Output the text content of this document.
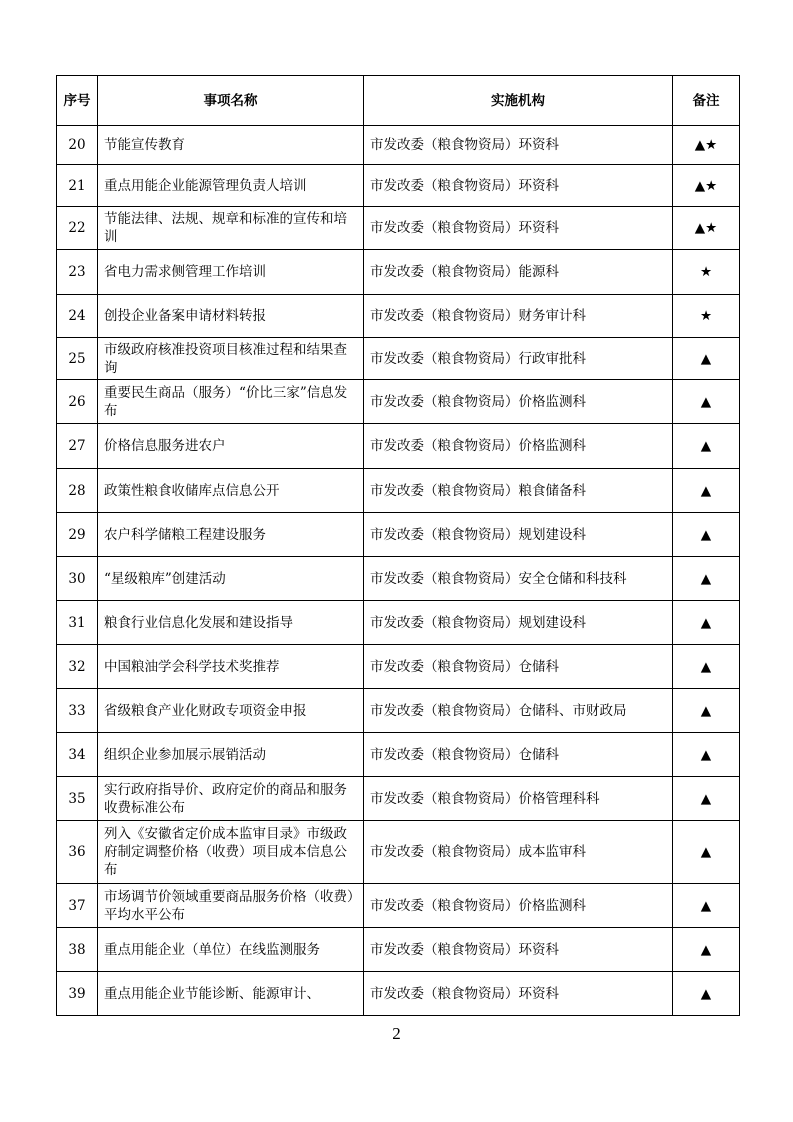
序号	事项名称	实施机构	备注
20	节能宣传教育	市发改委（粮食物资局）环资科	▲★
21	重点用能企业能源管理负责人培训	市发改委（粮食物资局）环资科	▲★
22	节能法律、法规、规章和标准的宣传和培训	市发改委（粮食物资局）环资科	▲★
23	省电力需求侧管理工作培训	市发改委（粮食物资局）能源科	★
24	创投企业备案申请材料转报	市发改委（粮食物资局）财务审计科	★
25	市级政府核准投资项目核准过程和结果查询	市发改委（粮食物资局）行政审批科	▲
26	重要民生商品（服务）“价比三家”信息发布	市发改委（粮食物资局）价格监测科	▲
27	价格信息服务进农户	市发改委（粮食物资局）价格监测科	▲
28	政策性粮食收储库点信息公开	市发改委（粮食物资局）粮食储备科	▲
29	农户科学储粮工程建设服务	市发改委（粮食物资局）规划建设科	▲
30	“星级粮库”创建活动	市发改委（粮食物资局）安全仓储和科技科	▲
31	粮食行业信息化发展和建设指导	市发改委（粮食物资局）规划建设科	▲
32	中国粮油学会科学技术奖推荐	市发改委（粮食物资局）仓储科	▲
33	省级粮食产业化财政专项资金申报	市发改委（粮食物资局）仓储科、市财政局	▲
34	组织企业参加展示展销活动	市发改委（粮食物资局）仓储科	▲
35	实行政府指导价、政府定价的商品和服务收费标准公布	市发改委（粮食物资局）价格管理科科	▲
36	列入《安徽省定价成本监审目录》市级政府制定调整价格（收费）项目成本信息公布	市发改委（粮食物资局）成本监审科	▲
37	市场调节价领域重要商品服务价格（收费）平均水平公布	市发改委（粮食物资局）价格监测科	▲
38	重点用能企业（单位）在线监测服务	市发改委（粮食物资局）环资科	▲
39	重点用能企业节能诊断、能源审计、	市发改委（粮食物资局）环资科	▲
2
